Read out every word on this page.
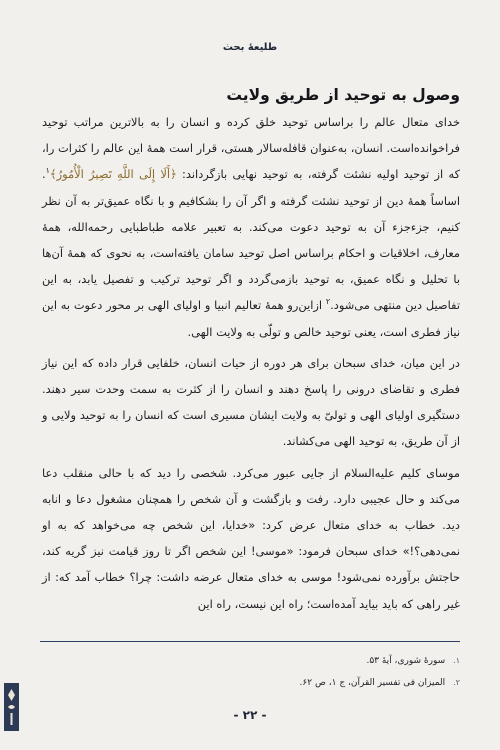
طلیعهٔ بحث
وصول به توحید از طریق ولایت

خدای متعال عالم را براساس توحید خلق کرده و انسان را به بالاترین مراتب توحید فراخوانده‌است. انسان، به‌عنوان قافله‌سالار هستی، قرار است همهٔ این عالم را کثرات را، که از توحید اولیه نشئت گرفته، به توحید نهایی بازگرداند: ﴿أَلَا إِلَى اللَّهِ تَصِيرُ الْأُمُورُ﴾$^۱$. اساساً همهٔ دین از توحید نشئت گرفته و اگر آن را بشکافیم و با نگاه عمیق‌تر به آن نظر کنیم، جزءجزء آن به توحید دعوت می‌کند. به تعبیر علامه طباطبایی رحمه‌الله، همهٔ معارف، اخلاقیات و احکام براساس اصل توحید سامان یافته‌است، به نحوی که همهٔ آن‌ها با تحلیل و نگاه عمیق، به توحید بازمی‌گردد و اگر توحید ترکیب و تفصیل یابد، به این تفاصیل دین منتهی می‌شود.$^۲$ ازاین‌رو همهٔ تعالیم انبیا و اولیای الهی بر محور دعوت به این نیاز فطری است، یعنی توحید خالص و تولّی به ولایت الهی.

در این میان، خدای سبحان برای هر دوره از حیات انسان، خلفایی قرار داده که این نیاز فطری و تقاضای درونی را پاسخ دهند و انسان را از کثرت به سمت وحدت سیر دهند. دستگیری اولیای الهی و تولیّ به ولایت ایشان مسیری است که انسان را به توحید ولایی و از آن طریق، به توحید الهی می‌کشاند.

موسای کلیم علیه‌السلام از جایی عبور می‌کرد. شخصی را دید که با حالی منقلب دعا می‌کند و حال عجیبی دارد. رفت و بازگشت و آن شخص را همچنان مشغول دعا و انابه دید. خطاب به خدای متعال عرض کرد: «خدایا، این شخص چه می‌خواهد که به او نمی‌دهی؟!» خدای سبحان فرمود: «موسی! این شخص اگر تا روز قیامت نیز گریه کند، حاجتش برآورده نمی‌شود! موسی به خدای متعال عرضه داشت: چرا؟ خطاب آمد که: از غیر راهی که باید بیاید آمده‌است؛ راه این نیست، راه این

۱.سورهٔ شوری، آیهٔ ۵۳.
۲.المیزان فی تفسیر القرآن، ج ۱، ص ۶۲.
- ۲۲ -
